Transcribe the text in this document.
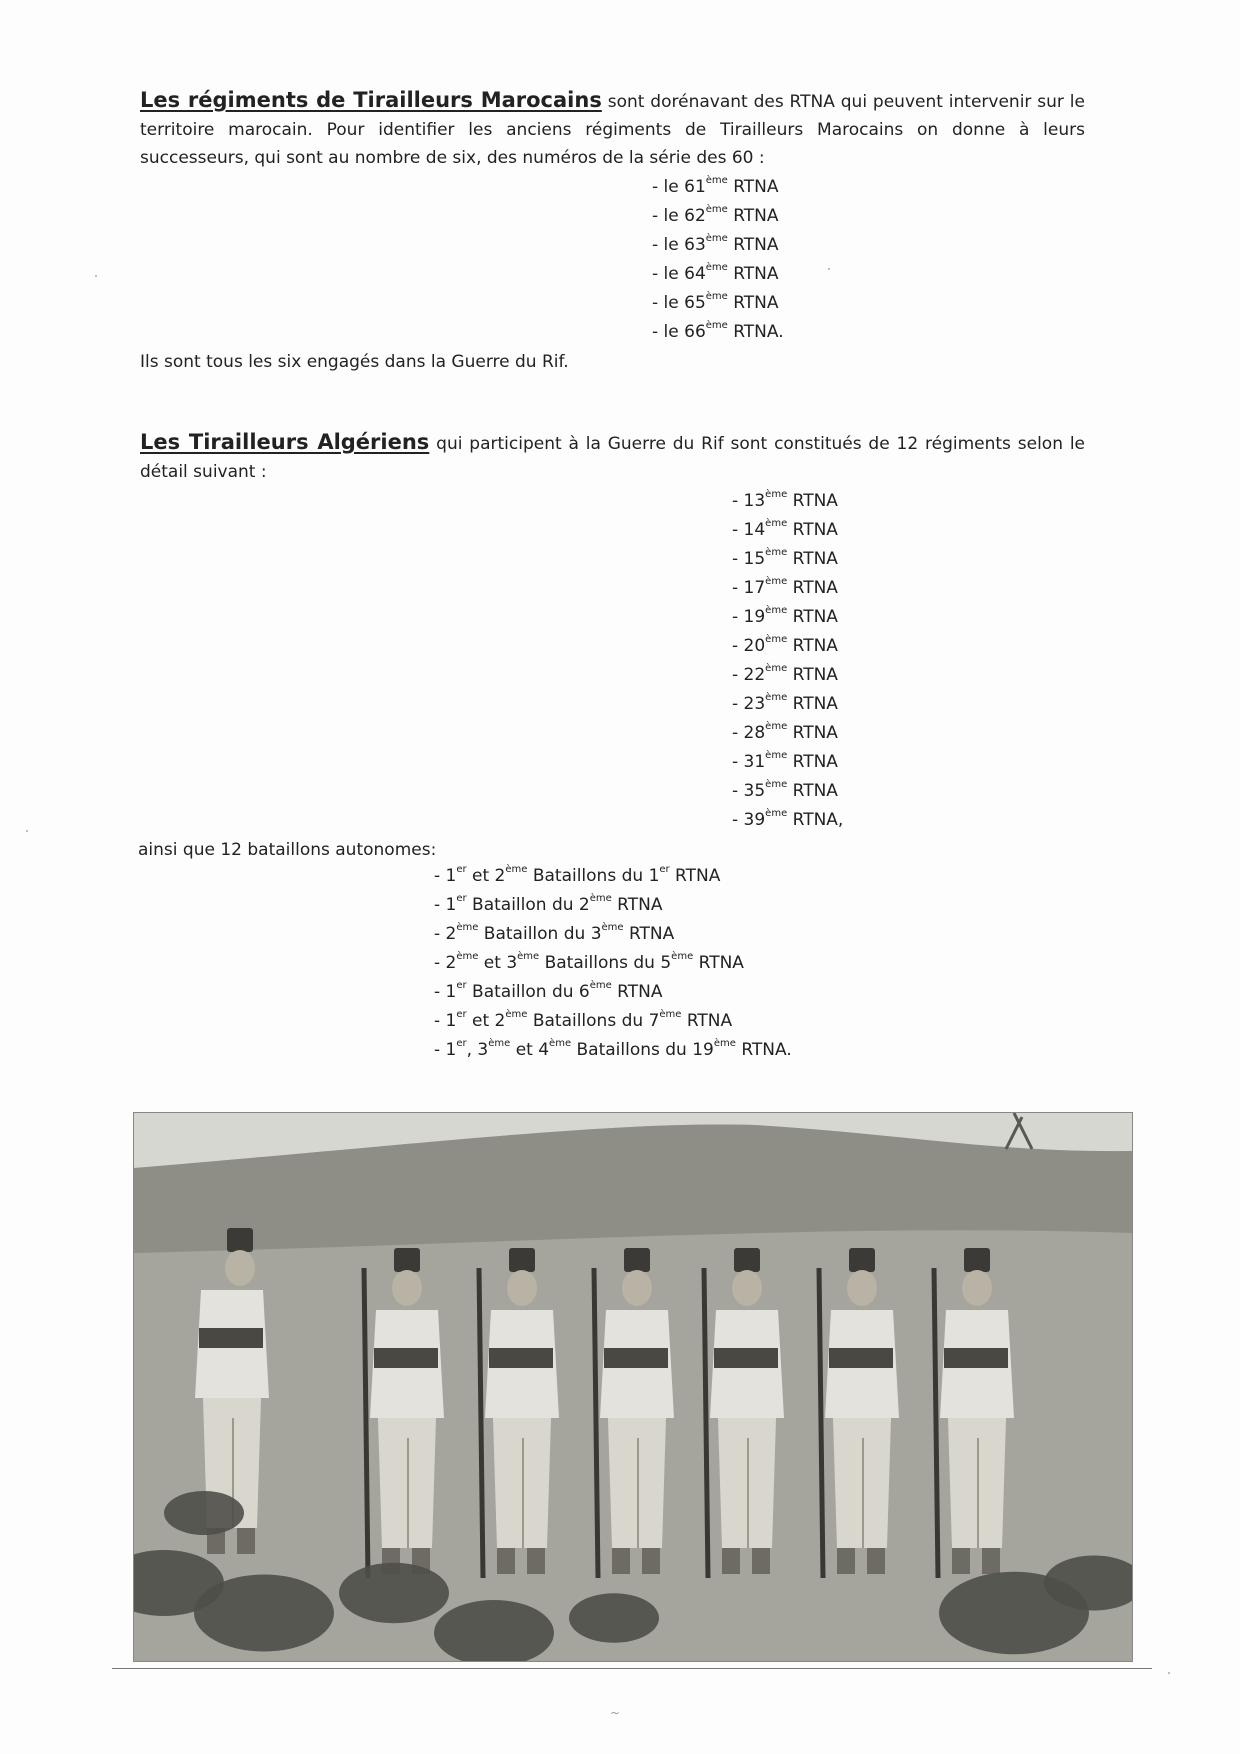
Les régiments de Tirailleurs Marocains sont dorénavant des RTNA qui peuvent intervenir sur le territoire marocain. Pour identifier les anciens régiments de Tirailleurs Marocains on donne à leurs successeurs, qui sont au nombre de six, des numéros de la série des 60 :

- le 61ème RTNA
- le 62ème RTNA
- le 63ème RTNA
- le 64ème RTNA
- le 65ème RTNA
- le 66ème RTNA.

Ils sont tous les six engagés dans la Guerre du Rif.

Les Tirailleurs Algériens qui participent à la Guerre du Rif sont constitués de 12 régiments selon le détail suivant :

- 13ème RTNA
- 14ème RTNA
- 15ème RTNA
- 17ème RTNA
- 19ème RTNA
- 20ème RTNA
- 22ème RTNA
- 23ème RTNA
- 28ème RTNA
- 31ème RTNA
- 35ème RTNA
- 39ème RTNA,

ainsi que 12 bataillons autonomes:

- 1er et 2ème Bataillons du 1er RTNA
- 1er Bataillon du 2ème RTNA
- 2ème Bataillon du 3ème RTNA
- 2ème et 3ème Bataillons du 5ème RTNA
- 1er Bataillon du 6ème RTNA
- 1er et 2ème Bataillons du 7ème RTNA
- 1er, 3ème et 4ème Bataillons du 19ème RTNA.
~
